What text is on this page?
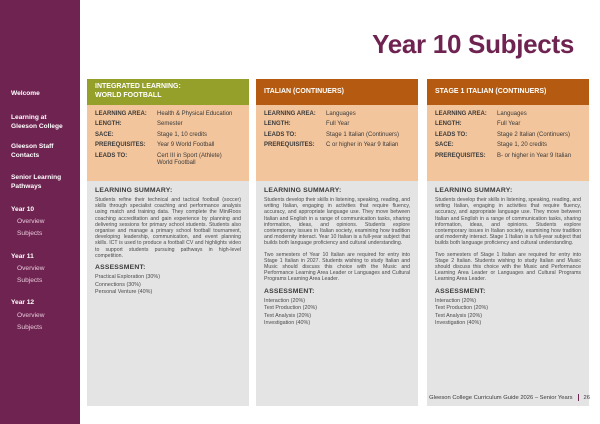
Welcome
Learning at
Gleeson College
Gleeson Staff
Contacts
Senior Learning
Pathways
Year 10
Overview
Subjects
Year 11
Overview
Subjects
Year 12
Overview
Subjects
Year 10 Subjects
INTEGRATED LEARNING:
WORLD FOOTBALL
LEARNING AREA:	Health & Physical Education
LENGTH:	Semester
SACE:	Stage 1, 10 credits
PREREQUISITES:	Year 9 World Football
LEADS TO:	Cert III in Sport (Athlete)
World Football
LEARNING SUMMARY:

Students refine their technical and tactical football (soccer) skills through specialist coaching and performance analysis using match and training data. They complete the MiniRoos coaching accreditation and gain experience by planning and delivering sessions for primary school students. Students also organise and manage a primary school football tournament, developing leadership, communication, and event planning skills. ICT is used to produce a football CV and highlights video to support students pursuing pathways in high-level competition.

ASSESSMENT:
Practical Exploration (30%)
Connections (30%)
Personal Venture (40%)
ITALIAN (CONTINUERS)
LEARNING AREA:	Languages
LENGTH:	Full Year
LEADS TO:	Stage 1 Italian (Continuers)
PREREQUISITES:	C or higher in Year 9 Italian
LEARNING SUMMARY:

Students develop their skills in listening, speaking, reading, and writing Italian, engaging in activities that require fluency, accuracy, and appropriate language use. They move between Italian and English in a range of communication tasks, sharing information, ideas, and opinions. Students explore contemporary issues in Italian society, examining how tradition and modernity interact. Year 10 Italian is a full-year subject that builds both language proficiency and cultural understanding.

Two semesters of Year 10 Italian are required for entry into Stage 1 Italian in 2027. Students wishing to study Italian and Music should discuss this choice with the Music and Performance Learning Area Leader or Languages and Cultural Programs Learning Area Leader.

ASSESSMENT:
Interaction (20%)
Text Production (20%)
Text Analysis (20%)
Investigation (40%)
STAGE 1 ITALIAN (CONTINUERS)
LEARNING AREA:	Languages
LENGTH:	Full Year
LEADS TO:	Stage 2 Italian (Continuers)
SACE:	Stage 1, 20 credits
PREREQUISITES:	B- or higher in Year 9 Italian
LEARNING SUMMARY:

Students develop their skills in listening, speaking, reading, and writing Italian, engaging in activities that require fluency, accuracy, and appropriate language use. They move between Italian and English in a range of communication tasks, sharing information, ideas, and opinions. Students explore contemporary issues in Italian society, examining how tradition and modernity interact. Stage 1 Italian is a full-year subject that builds both language proficiency and cultural understanding.

Two semesters of Stage 1 Italian are required for entry into Stage 2 Italian. Students wishing to study Italian and Music should discuss this choice with the Music and Performance Learning Area Leader or Languages and Cultural Programs Learning Area Leader.

ASSESSMENT:
Interaction (20%)
Text Production (20%)
Text Analysis (20%)
Investigation (40%)
Gleeson College Curriculum Guide 2026 – Senior Years 26
